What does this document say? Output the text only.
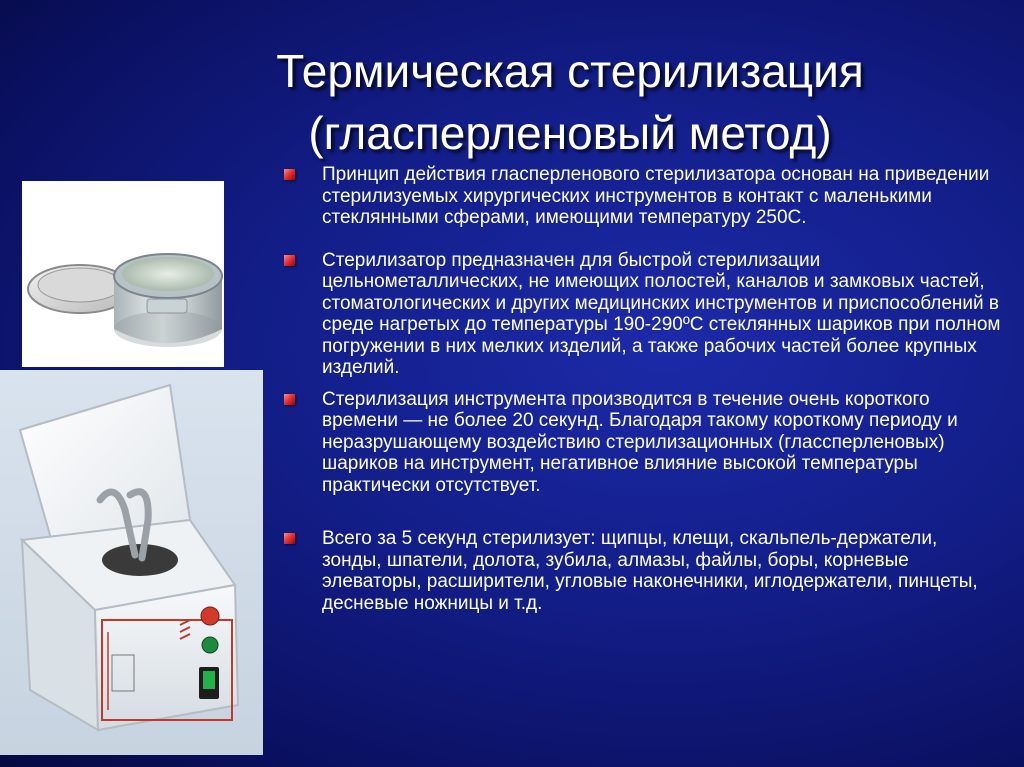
Термическая стерилизация
(гласперленовый метод)
Принцип действия гласперленового стерилизатора основан на приведении стерилизуемых хирургических инструментов в контакт с маленькими стеклянными сферами, имеющими температуру 250С.
Стерилизатор предназначен для быстрой стерилизации цельнометаллических, не имеющих полостей, каналов и замковых частей, стоматологических и других медицинских инструментов и приспособлений в среде нагретых до температуры 190-290ºС стеклянных шариков при полном погружении в них мелких изделий, а также рабочих частей более крупных изделий.
Стерилизация инструмента производится в течение очень короткого времени — не более 20 секунд. Благодаря такому короткому периоду и неразрушающему воздействию стерилизационных (глассперленовых) шариков на инструмент, негативное влияние высокой температуры практически отсутствует.
Всего за 5 секунд стерилизует: щипцы, клещи, скальпель-держатели, зонды, шпатели, долота, зубила, алмазы, файлы, боры, корневые элеваторы, расширители, угловые наконечники, иглодержатели, пинцеты, десневые ножницы и т.д.
